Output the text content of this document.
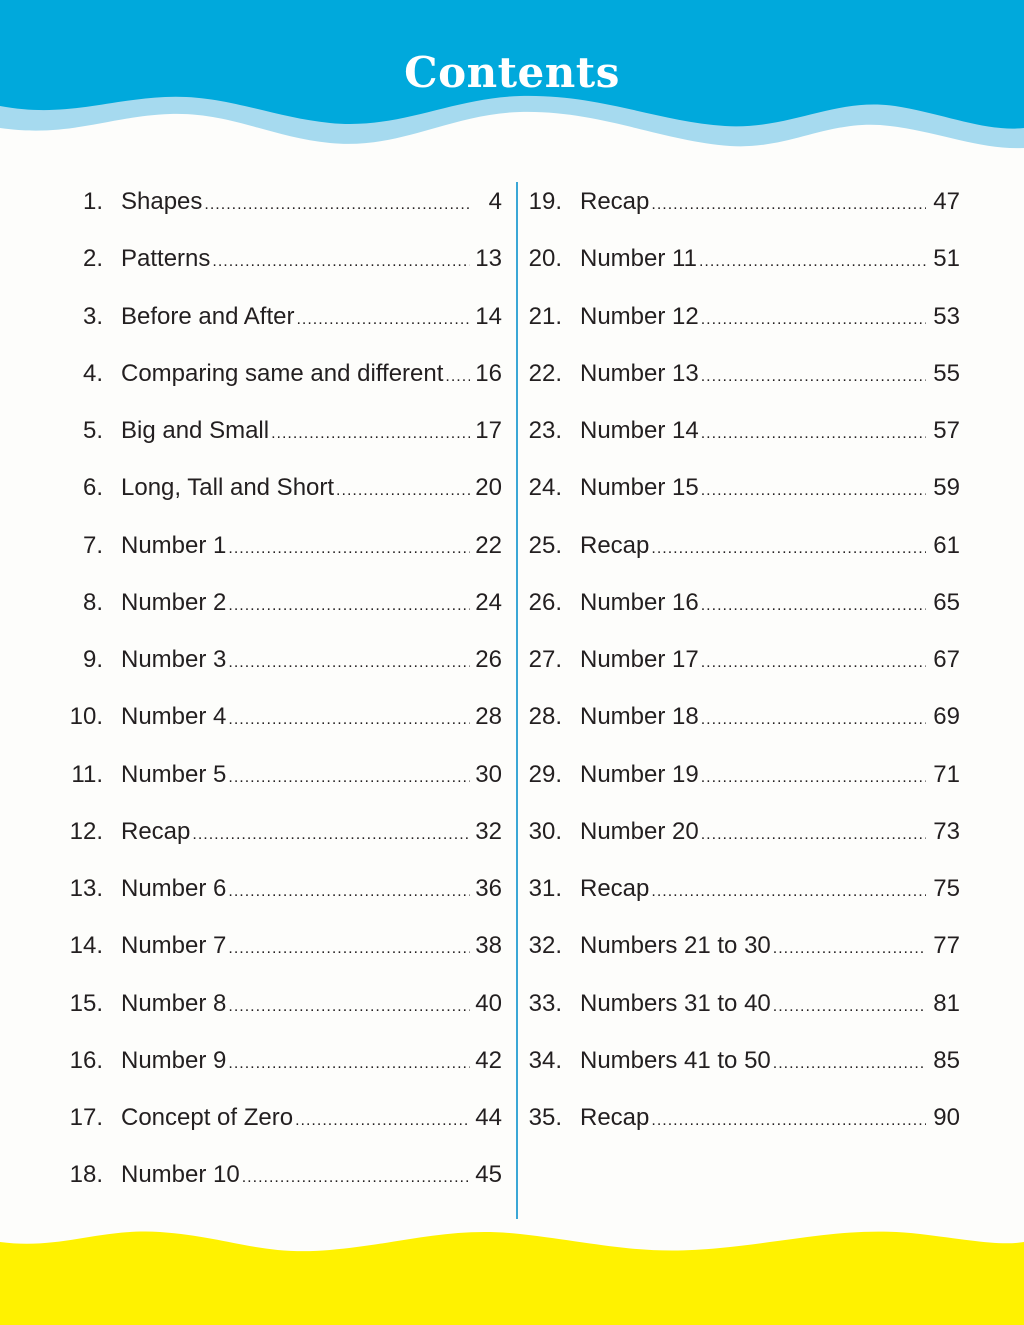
Contents
1. Shapes .....	4
2. Patterns .....	13
3. Before and After .....	14
4. Comparing same and different ..... 16
5. Big and Small .....	17
6. Long, Tall and Short .....	20
7. Number 1 .....	22
8. Number 2 .....	24
9. Number 3 .....	26
10. Number 4 .....	28
11. Number 5 .....	30
12. Recap .....	32
13. Number 6 .....	36
14. Number 7 .....	38
15. Number 8 .....	40
16. Number 9 .....	42
17. Concept of Zero .....	44
18. Number 10 .....	45
19. Recap .....	47
20. Number 11 .....	51
21. Number 12 .....	53
22. Number 13 .....	55
23. Number 14 .....	57
24. Number 15 .....	59
25. Recap .....	61
26. Number 16 .....	65
27. Number 17 .....	67
28. Number 18 .....	69
29. Number 19 .....	71
30. Number 20 .....	73
31. Recap .....	75
32. Numbers 21 to 30 .....	77
33. Numbers 31 to 40 .....	81
34. Numbers 41 to 50 .....	85
35. Recap .....	90
